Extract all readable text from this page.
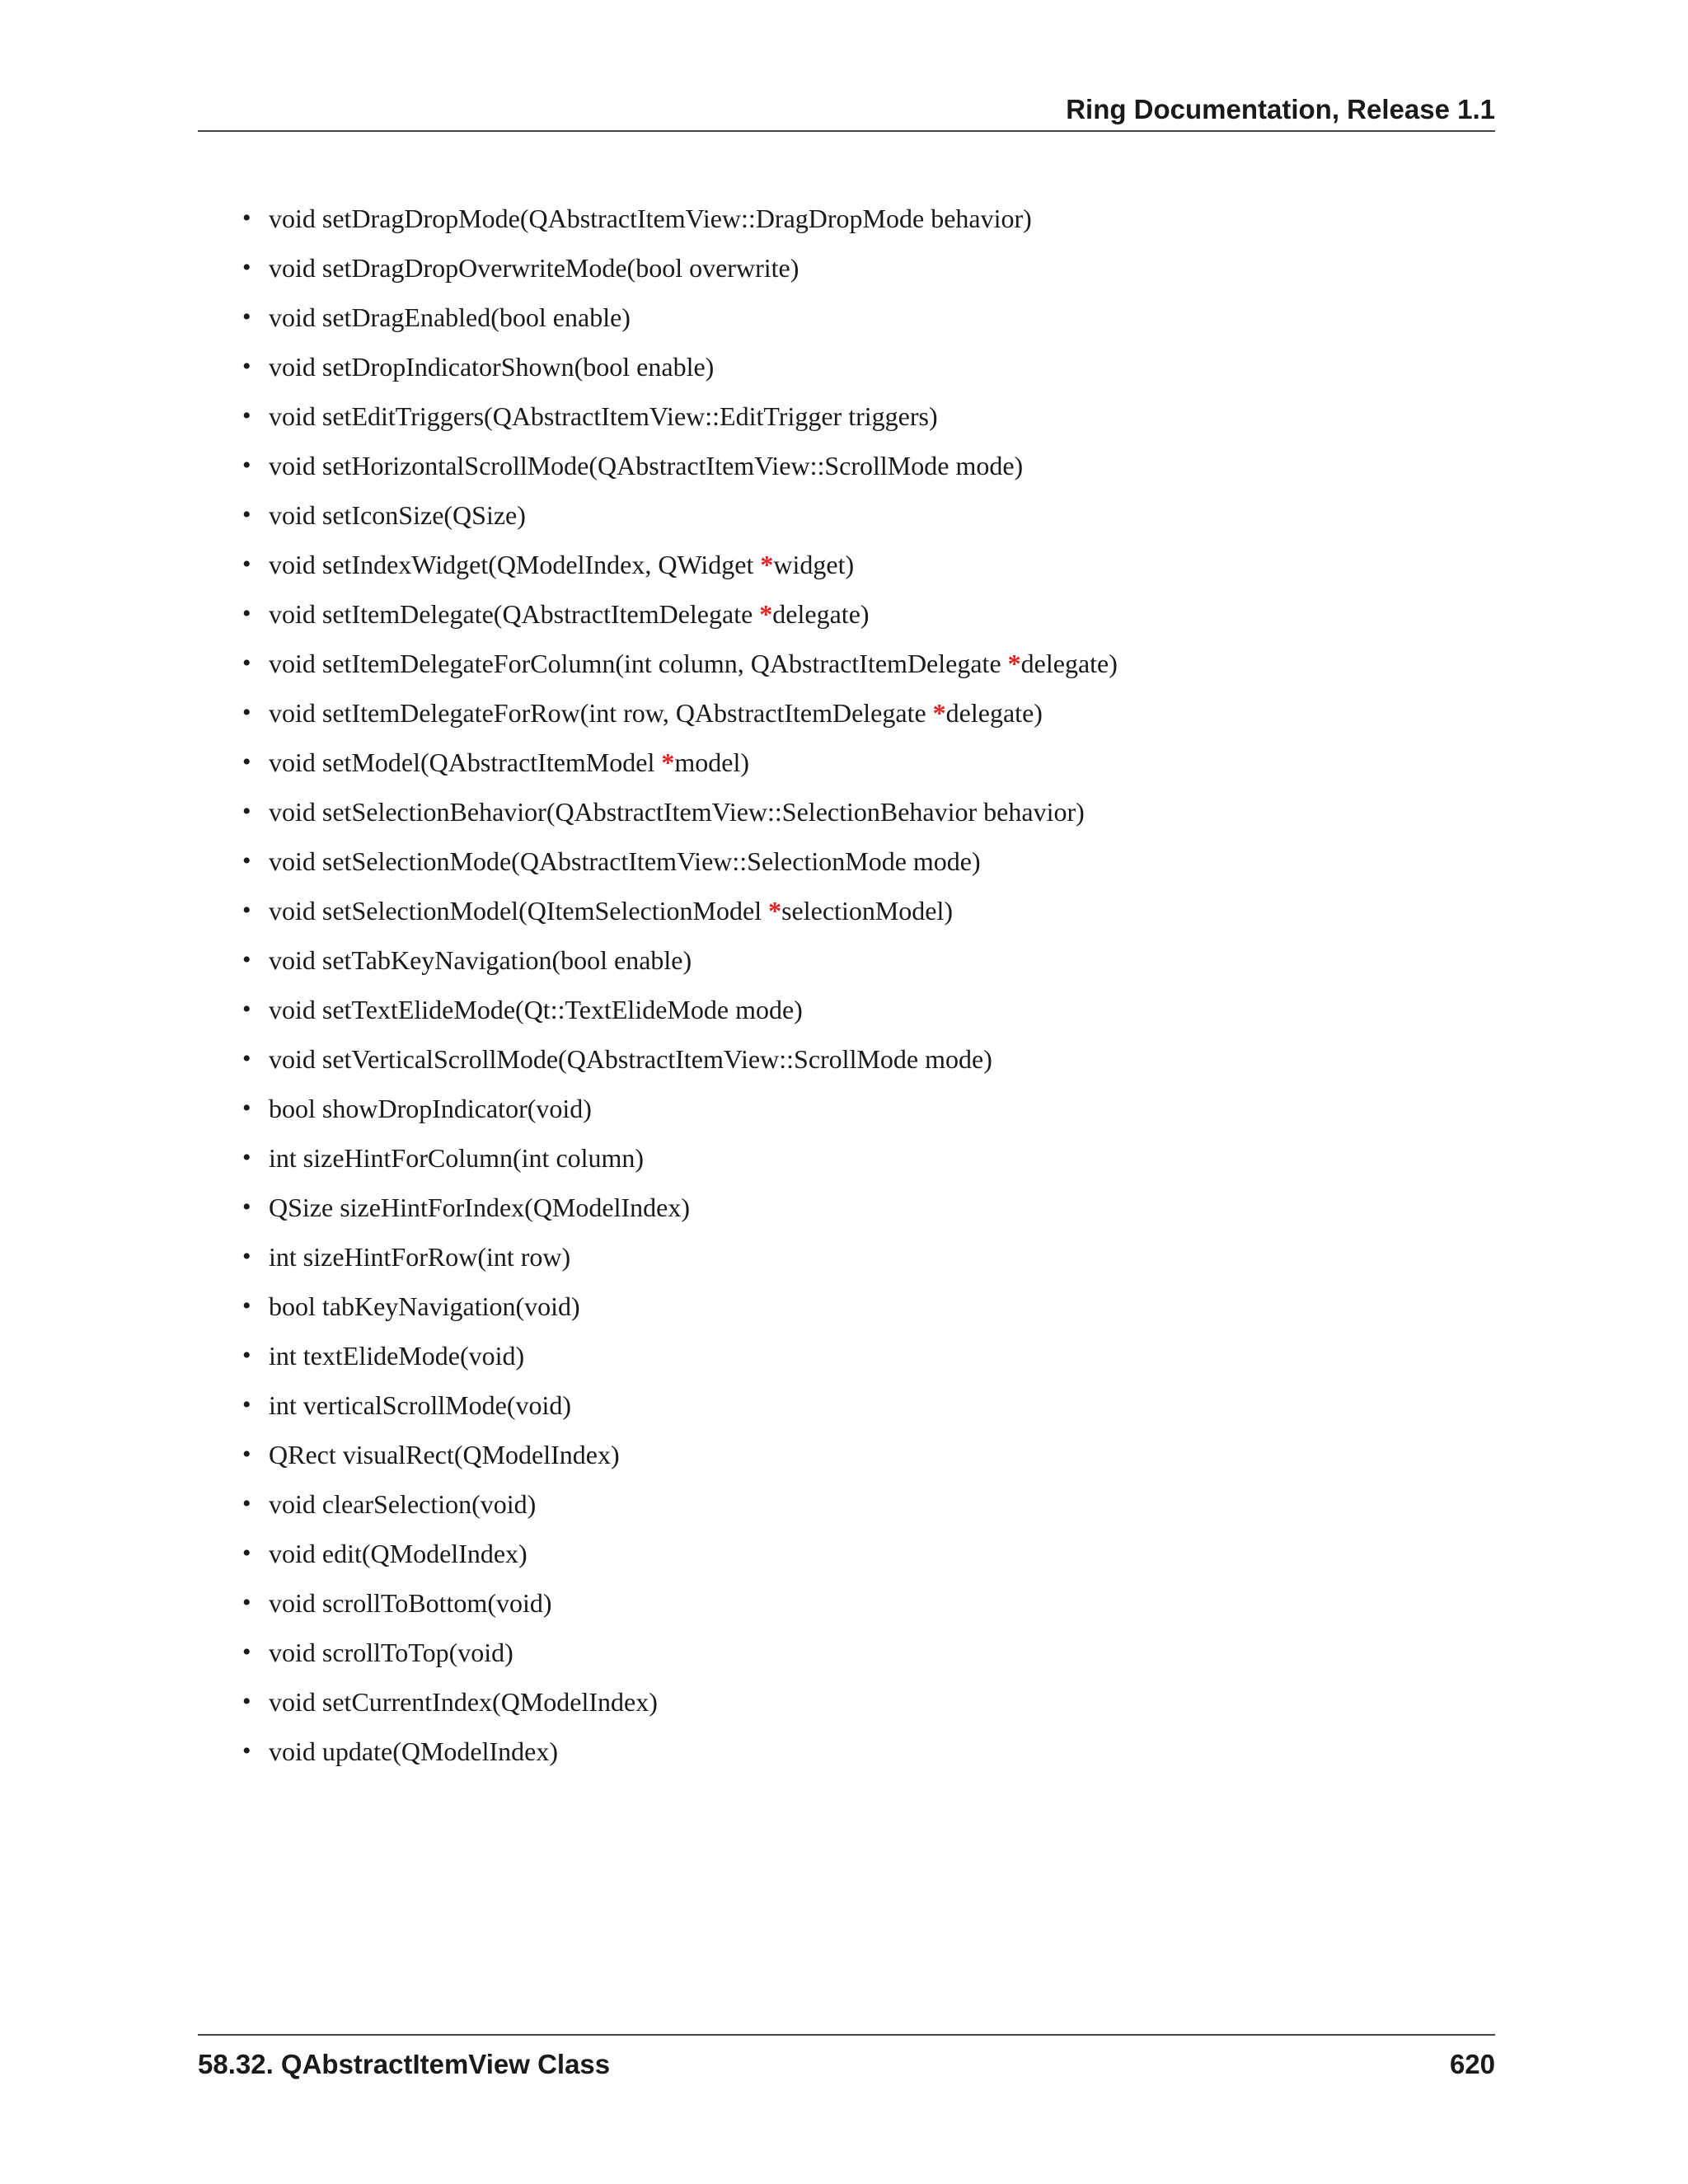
Ring Documentation, Release 1.1
• void setDragDropMode(QAbstractItemView::DragDropMode behavior)
• void setDragDropOverwriteMode(bool overwrite)
• void setDragEnabled(bool enable)
• void setDropIndicatorShown(bool enable)
• void setEditTriggers(QAbstractItemView::EditTrigger triggers)
• void setHorizontalScrollMode(QAbstractItemView::ScrollMode mode)
• void setIconSize(QSize)
• void setIndexWidget(QModelIndex, QWidget *widget)
• void setItemDelegate(QAbstractItemDelegate *delegate)
• void setItemDelegateForColumn(int column, QAbstractItemDelegate *delegate)
• void setItemDelegateForRow(int row, QAbstractItemDelegate *delegate)
• void setModel(QAbstractItemModel *model)
• void setSelectionBehavior(QAbstractItemView::SelectionBehavior behavior)
• void setSelectionMode(QAbstractItemView::SelectionMode mode)
• void setSelectionModel(QItemSelectionModel *selectionModel)
• void setTabKeyNavigation(bool enable)
• void setTextElideMode(Qt::TextElideMode mode)
• void setVerticalScrollMode(QAbstractItemView::ScrollMode mode)
• bool showDropIndicator(void)
• int sizeHintForColumn(int column)
• QSize sizeHintForIndex(QModelIndex)
• int sizeHintForRow(int row)
• bool tabKeyNavigation(void)
• int textElideMode(void)
• int verticalScrollMode(void)
• QRect visualRect(QModelIndex)
• void clearSelection(void)
• void edit(QModelIndex)
• void scrollToBottom(void)
• void scrollToTop(void)
• void setCurrentIndex(QModelIndex)
• void update(QModelIndex)
58.32. QAbstractItemView Class	620
